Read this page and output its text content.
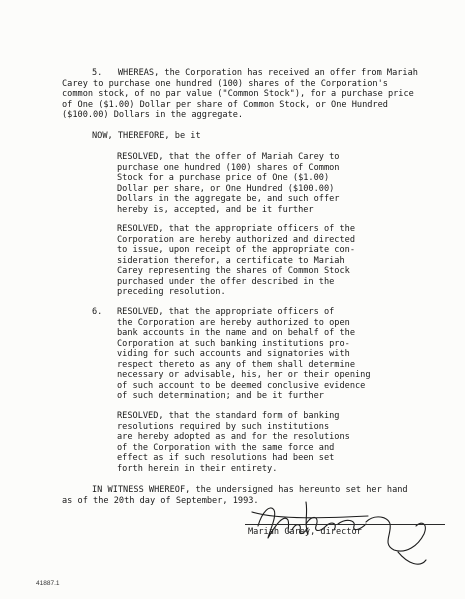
5.   WHEREAS, the Corporation has received an offer from Mariah
Carey to purchase one hundred (100) shares of the Corporation's
common stock, of no par value ("Common Stock"), for a purchase price
of One ($1.00) Dollar per share of Common Stock, or One Hundred
($100.00) Dollars in the aggregate.
NOW, THEREFORE, be it
RESOLVED, that the offer of Mariah Carey to
purchase one hundred (100) shares of Common
Stock for a purchase price of One ($1.00)
Dollar per share, or One Hundred ($100.00)
Dollars in the aggregate be, and such offer
hereby is, accepted, and be it further
RESOLVED, that the appropriate officers of the
Corporation are hereby authorized and directed
to issue, upon receipt of the appropriate con-
sideration therefor, a certificate to Mariah
Carey representing the shares of Common Stock
purchased under the offer described in the
preceding resolution.
6. RESOLVED, that the appropriate officers of
the Corporation are hereby authorized to open
bank accounts in the name and on behalf of the
Corporation at such banking institutions pro-
viding for such accounts and signatories with
respect thereto as any of them shall determine
necessary or advisable, his, her or their opening
of such account to be deemed conclusive evidence
of such determination; and be it further
RESOLVED, that the standard form of banking
resolutions required by such institutions
are hereby adopted as and for the resolutions
of the Corporation with the same force and
effect as if such resolutions had been set
forth herein in their entirety.
IN WITNESS WHEREOF, the undersigned has hereunto set her hand
as of the 20th day of September, 1993.
Mariah Carey, director
41887.1
